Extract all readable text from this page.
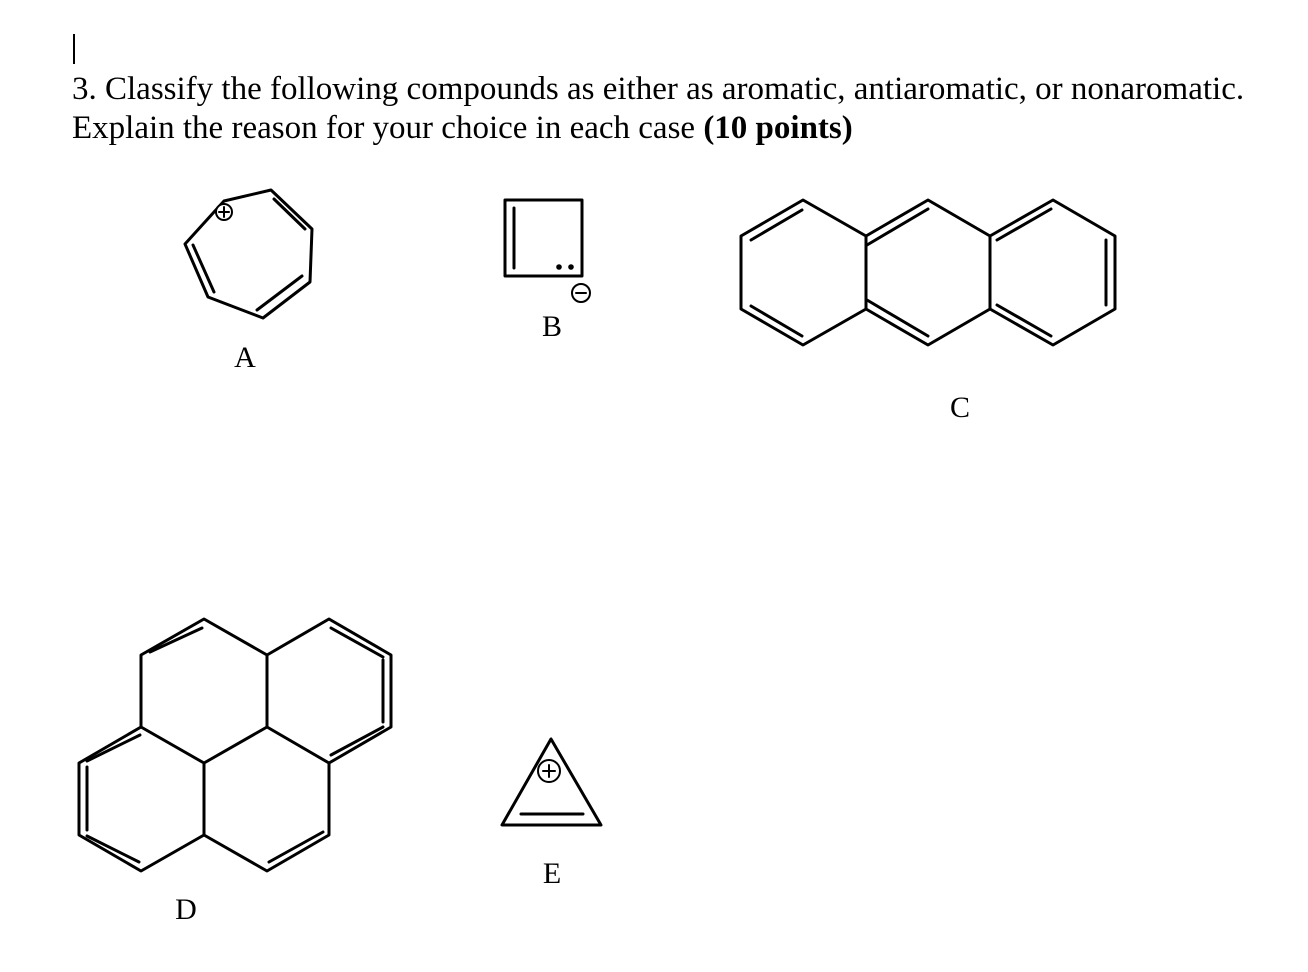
3. Classify the following compounds as either as aromatic, antiaromatic, or nonaromatic.
Explain the reason for your choice in each case (10 points)
A
B
C
D
E
